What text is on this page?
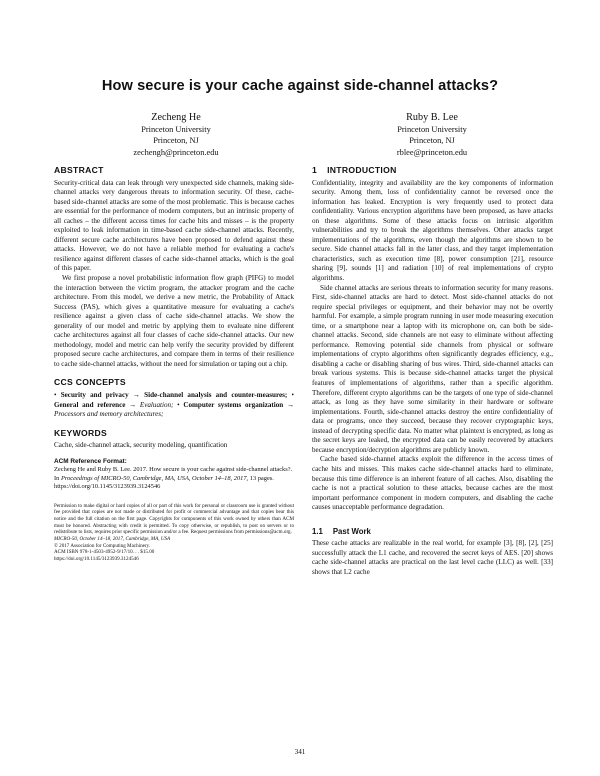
How secure is your cache against side-channel attacks?
Zecheng He
Princeton University
Princeton, NJ
zechengh@princeton.edu
Ruby B. Lee
Princeton University
Princeton, NJ
rblee@princeton.edu
ABSTRACT

Security-critical data can leak through very unexpected side channels, making side-channel attacks very dangerous threats to information security. Of these, cache-based side-channel attacks are some of the most problematic. This is because caches are essential for the performance of modern computers, but an intrinsic property of all caches – the different access times for cache hits and misses – is the property exploited to leak information in time-based cache side-channel attacks. Recently, different secure cache architectures have been proposed to defend against these attacks. However, we do not have a reliable method for evaluating a cache's resilience against different classes of cache side-channel attacks, which is the goal of this paper.

We first propose a novel probabilistic information flow graph (PIFG) to model the interaction between the victim program, the attacker program and the cache architecture. From this model, we derive a new metric, the Probability of Attack Success (PAS), which gives a quantitative measure for evaluating a cache's resilience against a given class of cache side-channel attacks. We show the generality of our model and metric by applying them to evaluate nine different cache architectures against all four classes of cache side-channel attacks. Our new methodology, model and metric can help verify the security provided by different proposed secure cache architectures, and compare them in terms of their resilience to cache side-channel attacks, without the need for simulation or taping out a chip.

CCS CONCEPTS
• Security and privacy → Side-channel analysis and counter-measures; • General and reference → Evaluation; • Computer systems organization → Processors and memory architectures;
KEYWORDS

Cache, side-channel attack, security modeling, quantification

ACM Reference Format:
Zecheng He and Ruby B. Lee. 2017. How secure is your cache against side-channel attacks?. In Proceedings of MICRO-50, Cambridge, MA, USA, October 14–18, 2017, 13 pages. https://doi.org/10.1145/3123939.3124546
Permission to make digital or hard copies of all or part of this work for personal or classroom use is granted without fee provided that copies are not made or distributed for profit or commercial advantage and that copies bear this notice and the full citation on the first page. Copyrights for components of this work owned by others than ACM must be honored. Abstracting with credit is permitted. To copy otherwise, or republish, to post on servers or to redistribute to lists, requires prior specific permission and/or a fee. Request permissions from permissions@acm.org.
MICRO-50, October 14–18, 2017, Cambridge, MA, USA
© 2017 Association for Computing Machinery.
ACM ISBN 978-1-4503-4952-9/17/10. . . $15.00
https://doi.org/10.1145/3123939.3124546
1 INTRODUCTION

Confidentiality, integrity and availability are the key components of information security. Among them, loss of confidentiality cannot be reversed once the information has leaked. Encryption is very frequently used to protect data confidentiality. Various encryption algorithms have been proposed, as have attacks on these algorithms. Some of these attacks focus on intrinsic algorithm vulnerabilities and try to break the algorithms themselves. Other attacks target implementations of the algorithms, even though the algorithms are shown to be secure. Side channel attacks fall in the latter class, and they target implementation characteristics, such as execution time [8], power consumption [21], resource sharing [9], sounds [1] and radiation [10] of real implementations of crypto algorithms.

Side channel attacks are serious threats to information security for many reasons. First, side-channel attacks are hard to detect. Most side-channel attacks do not require special privileges or equipment, and their behavior may not be overtly harmful. For example, a simple program running in user mode measuring execution time, or a smartphone near a laptop with its microphone on, can both be side-channel attacks. Second, side channels are not easy to eliminate without affecting performance. Removing potential side channels from physical or software implementations of crypto algorithms often significantly degrades efficiency, e.g., disabling a cache or disabling sharing of bus wires. Third, side-channel attacks can break various systems. This is because side-channel attacks target the physical features of implementations of algorithms, rather than a specific algorithm. Therefore, different crypto algorithms can be the targets of one type of side-channel attack, as long as they have some similarity in their hardware or software implementations. Fourth, side-channel attacks destroy the entire confidentiality of data or programs, once they succeed, because they recover cryptographic keys, instead of decrypting specific data. No matter what plaintext is encrypted, as long as the secret keys are leaked, the encrypted data can be easily recovered by attackers because encryption/decryption algorithms are publicly known.

Cache based side-channel attacks exploit the difference in the access times of cache hits and misses. This makes cache side-channel attacks hard to eliminate, because this time difference is an inherent feature of all caches. Also, disabling the cache is not a practical solution to these attacks, because caches are the most important performance component in modern computers, and disabling the cache causes unacceptable performance degradation.

1.1 Past Work

These cache attacks are realizable in the real world, for example [3], [8], [2], [25] successfully attack the L1 cache, and recovered the secret keys of AES. [20] shows cache side-channel attacks are practical on the last level cache (LLC) as well. [33] shows that L2 cache

341
